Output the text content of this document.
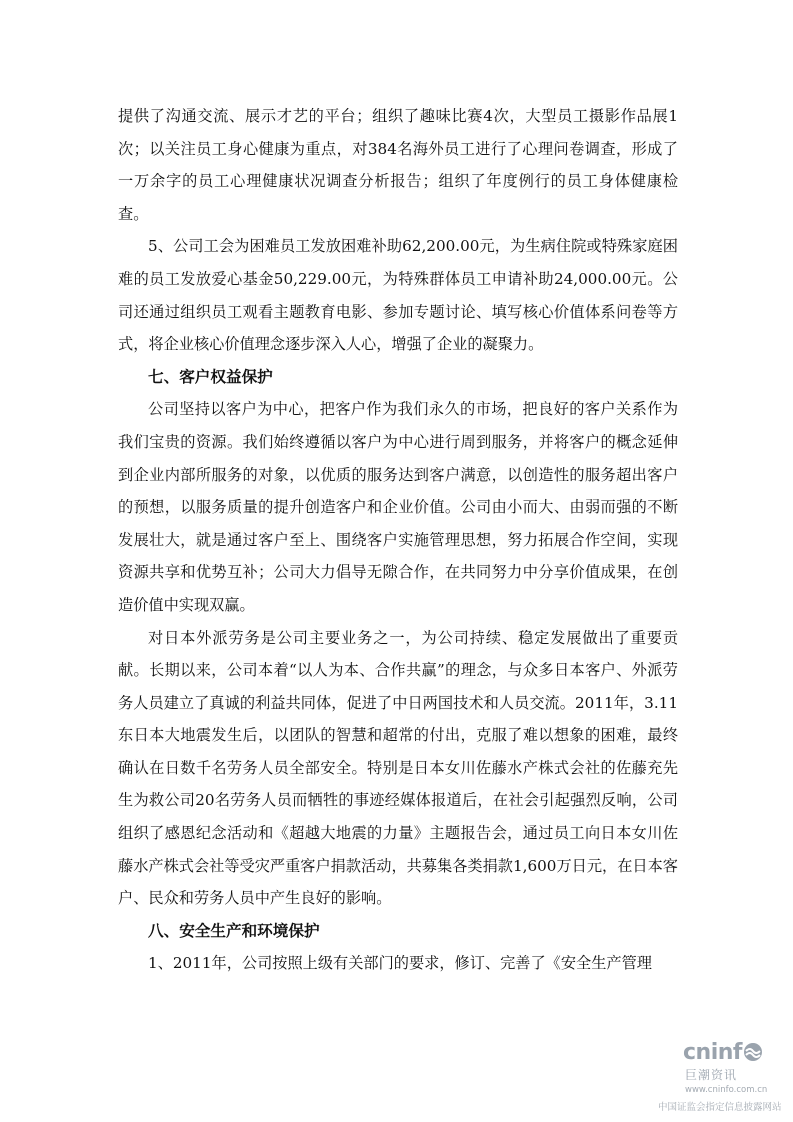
提供了沟通交流、展示才艺的平台；组织了趣味比赛4次，大型员工摄影作品展1次；以关注员工身心健康为重点，对384名海外员工进行了心理问卷调查，形成了一万余字的员工心理健康状况调查分析报告；组织了年度例行的员工身体健康检查。

5、公司工会为困难员工发放困难补助62,200.00元，为生病住院或特殊家庭困难的员工发放爱心基金50,229.00元，为特殊群体员工申请补助24,000.00元。公司还通过组织员工观看主题教育电影、参加专题讨论、填写核心价值体系问卷等方式，将企业核心价值理念逐步深入人心，增强了企业的凝聚力。

七、客户权益保护

公司坚持以客户为中心，把客户作为我们永久的市场，把良好的客户关系作为我们宝贵的资源。我们始终遵循以客户为中心进行周到服务，并将客户的概念延伸到企业内部所服务的对象，以优质的服务达到客户满意，以创造性的服务超出客户的预想，以服务质量的提升创造客户和企业价值。公司由小而大、由弱而强的不断发展壮大，就是通过客户至上、围绕客户实施管理思想，努力拓展合作空间，实现资源共享和优势互补；公司大力倡导无隙合作，在共同努力中分享价值成果，在创造价值中实现双赢。

对日本外派劳务是公司主要业务之一，为公司持续、稳定发展做出了重要贡献。长期以来，公司本着“以人为本、合作共赢”的理念，与众多日本客户、外派劳务人员建立了真诚的利益共同体，促进了中日两国技术和人员交流。2011年，3.11 东日本大地震发生后，以团队的智慧和超常的付出，克服了难以想象的困难，最终确认在日数千名劳务人员全部安全。特别是日本女川佐藤水产株式会社的佐藤充先生为救公司20名劳务人员而牺牲的事迹经媒体报道后，在社会引起强烈反响，公司组织了感恩纪念活动和《超越大地震的力量》主题报告会，通过员工向日本女川佐藤水产株式会社等受灾严重客户捐款活动，共募集各类捐款1,600万日元，在日本客户、民众和劳务人员中产生良好的影响。

八、安全生产和环境保护

1、2011年，公司按照上级有关部门的要求，修订、完善了《安全生产管理

cninf
巨潮资讯
www.cninfo.com.cn
中国证监会指定信息披露网站
